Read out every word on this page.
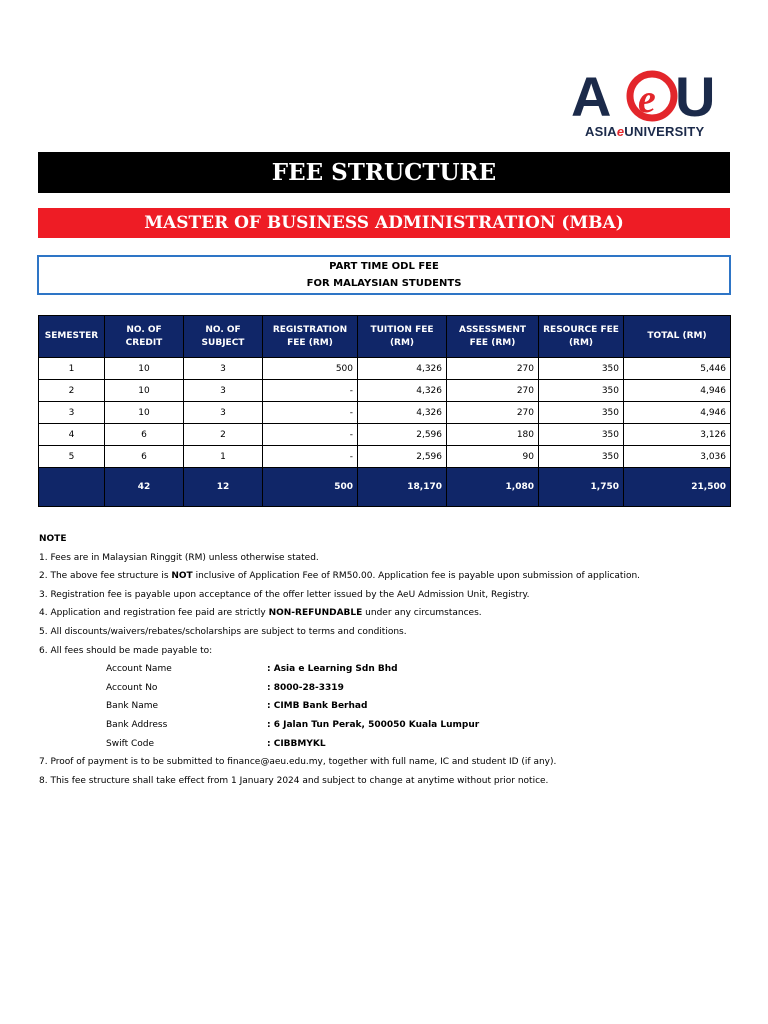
A e U
ASIAeUNIVERSITY
FEE STRUCTURE
MASTER OF BUSINESS ADMINISTRATION (MBA)
PART TIME ODL FEE
FOR MALAYSIAN STUDENTS
SEMESTER	NO. OF CREDIT	NO. OF SUBJECT	REGISTRATION FEE (RM)	TUITION FEE (RM)	ASSESSMENT FEE (RM)	RESOURCE FEE (RM)	TOTAL (RM)
1	10	3	500	4,326	270	350	5,446
2	10	3	-	4,326	270	350	4,946
3	10	3	-	4,326	270	350	4,946
4	6	2	-	2,596	180	350	3,126
5	6	1	-	2,596	90	350	3,036
	42	12	500	18,170	1,080	1,750	21,500
NOTE
1. Fees are in Malaysian Ringgit (RM) unless otherwise stated.
2. The above fee structure is NOT inclusive of Application Fee of RM50.00. Application fee is payable upon submission of application.
3. Registration fee is payable upon acceptance of the offer letter issued by the AeU Admission Unit, Registry.
4. Application and registration fee paid are strictly NON-REFUNDABLE under any circumstances.
5. All discounts/waivers/rebates/scholarships are subject to terms and conditions.
6. All fees should be made payable to:
Account Name	: Asia e Learning Sdn Bhd
Account No	: 8000-28-3319
Bank Name	: CIMB Bank Berhad
Bank Address	: 6 Jalan Tun Perak, 500050 Kuala Lumpur
Swift Code	: CIBBMYKL
7. Proof of payment is to be submitted to finance@aeu.edu.my, together with full name, IC and student ID (if any).
8. This fee structure shall take effect from 1 January 2024 and subject to change at anytime without prior notice.
